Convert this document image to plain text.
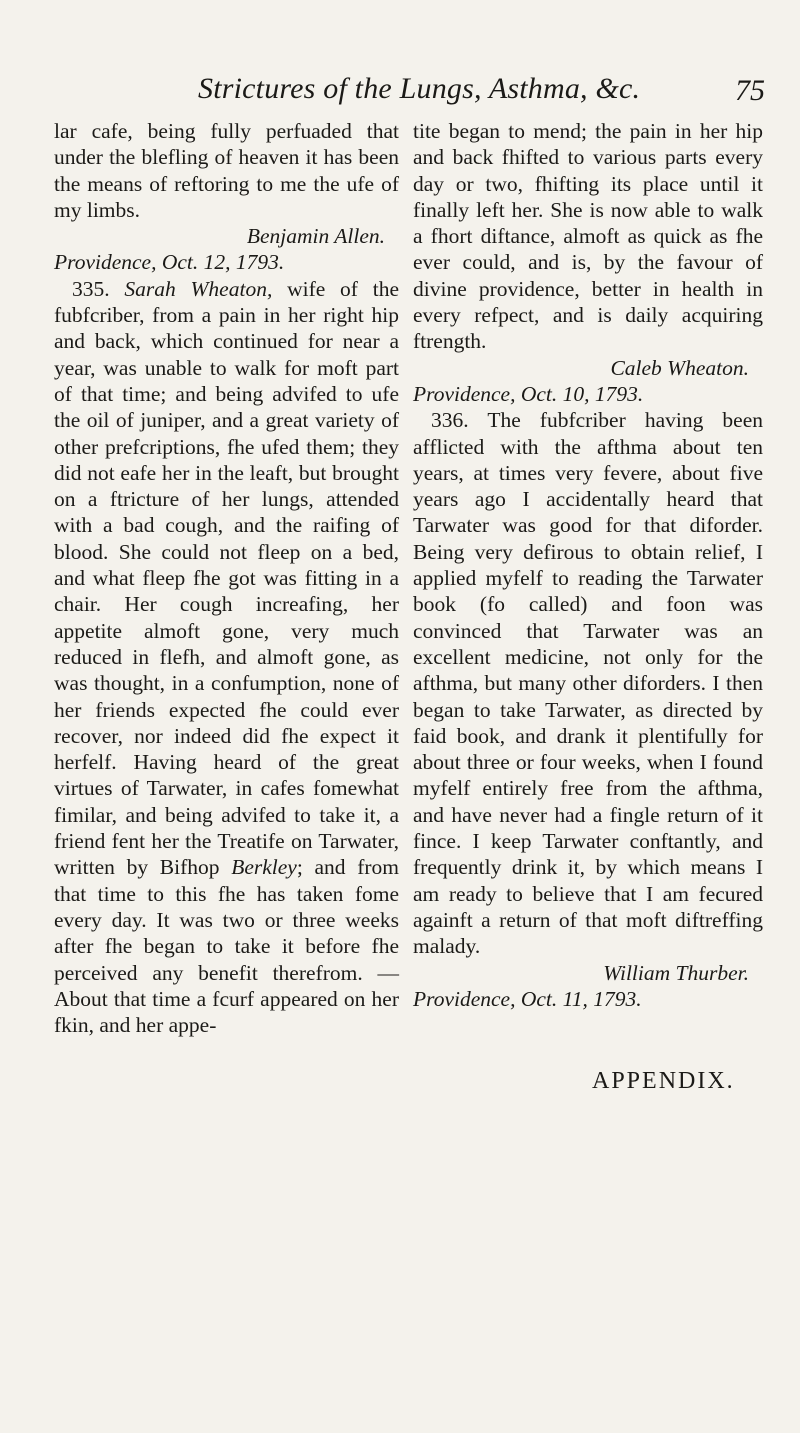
Strictures of the Lungs, Asthma, &c.	75

lar cafe, being fully perfuaded that under the blefling of heaven it has been the means of reftoring to me the ufe of my limbs.

Benjamin Allen.

Providence, Oct. 12, 1793.

335. Sarah Wheaton, wife of the fubfcriber, from a pain in her right hip and back, which continued for near a year, was unable to walk for moft part of that time; and being advifed to ufe the oil of juniper, and a great variety of other prefcriptions, fhe ufed them; they did not eafe her in the leaft, but brought on a ftricture of her lungs, attended with a bad cough, and the raifing of blood. She could not fleep on a bed, and what fleep fhe got was fitting in a chair. Her cough increafing, her appetite almoft gone, very much reduced in flefh, and almoft gone, as was thought, in a confumption, none of her friends expected fhe could ever recover, nor indeed did fhe expect it herfelf. Having heard of the great virtues of Tarwater, in cafes fomewhat fimilar, and being advifed to take it, a friend fent her the Treatife on Tarwater, written by Bifhop Berkley; and from that time to this fhe has taken fome every day. It was two or three weeks after fhe began to take it before fhe perceived any benefit therefrom. —About that time a fcurf appeared on her fkin, and her appe-

tite began to mend; the pain in her hip and back fhifted to various parts every day or two, fhifting its place until it finally left her. She is now able to walk a fhort diftance, almoft as quick as fhe ever could, and is, by the favour of divine providence, better in health in every refpect, and is daily acquiring ftrength.

Caleb Wheaton.

Providence, Oct. 10, 1793.

336. The fubfcriber having been afflicted with the afthma about ten years, at times very fevere, about five years ago I accidentally heard that Tarwater was good for that diforder. Being very defirous to obtain relief, I applied myfelf to reading the Tarwater book (fo called) and foon was convinced that Tarwater was an excellent medicine, not only for the afthma, but many other diforders. I then began to take Tarwater, as directed by faid book, and drank it plentifully for about three or four weeks, when I found myfelf entirely free from the afthma, and have never had a fingle return of it fince. I keep Tarwater conftantly, and frequently drink it, by which means I am ready to believe that I am fecured againft a return of that moft diftreffing malady.

William Thurber.

Providence, Oct. 11, 1793.

APPENDIX.
